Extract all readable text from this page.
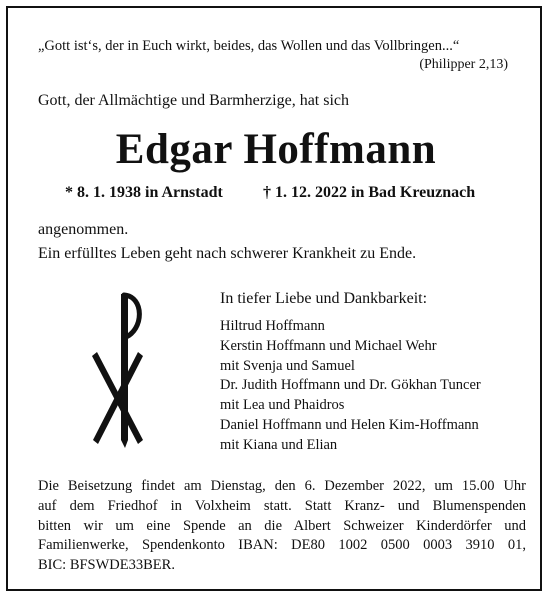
„Gott ist‘s, der in Euch wirkt, beides, das Wollen und das Vollbringen...“
(Philipper 2,13)
Gott, der Allmächtige und Barmherzige, hat sich
Edgar Hoffmann
* 8. 1. 1938 in Arnstadt	† 1. 12. 2022 in Bad Kreuznach
angenommen.
Ein erfülltes Leben geht nach schwerer Krankheit zu Ende.
In tiefer Liebe und Dankbarkeit:
Hiltrud Hoffmann
Kerstin Hoffmann und Michael Wehr
mit Svenja und Samuel
Dr. Judith Hoffmann und Dr. Gökhan Tuncer
mit Lea und Phaidros
Daniel Hoffmann und Helen Kim-Hoffmann
mit Kiana und Elian
Die Beisetzung findet am Dienstag, den 6. Dezember 2022, um 15.00 Uhr
auf dem Friedhof in Volxheim statt. Statt Kranz- und Blumenspenden
bitten wir um eine Spende an die Albert Schweizer Kinderdörfer und
Familienwerke, Spendenkonto IBAN: DE80 1002 0500 0003 3910 01,
BIC: BFSWDE33BER.
